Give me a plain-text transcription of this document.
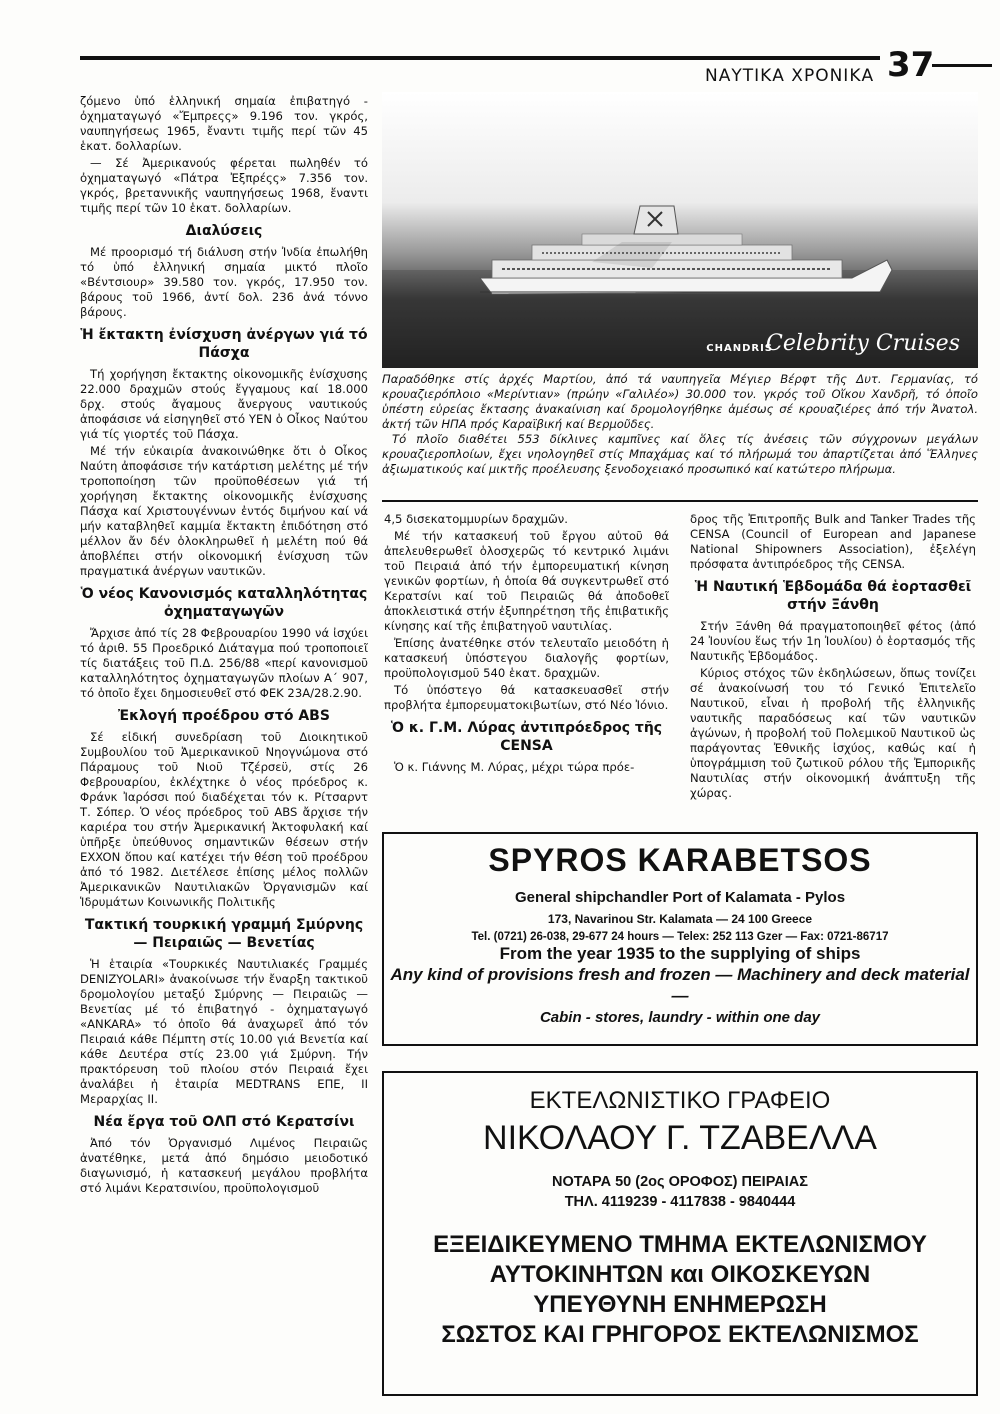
ΝΑΥΤΙΚΑ ΧΡΟΝΙΚΑ 37

ζόμενο ὑπό ἑλληνική σημαία ἐπιβατηγό - ὀχηματαγωγό «Ἔμπρεςς» 9.196 τον. γκρός, ναυπηγήσεως 1965, ἔναντι τιμῆς περί τῶν 45 ἑκατ. δολλαρίων.

— Σέ Ἀμερικανούς φέρεται πωληθέν τό ὀχηματαγωγό «Πάτρα Ἐξπρέςς» 7.356 τον. γκρός, βρεταννικῆς ναυπηγήσεως 1968, ἔναντι τιμῆς περί τῶν 10 ἑκατ. δολλαρίων.

Διαλύσεις

Μέ προορισμό τή διάλυση στήν Ἰνδία ἐπωλήθη τό ὑπό ἑλληνική σημαία μικτό πλοῖο «Βέντσιουρ» 39.580 τον. γκρός, 17.950 τον. βάρους τοῦ 1966, ἀντί δολ. 236 ἀνά τόννο βάρους.

Ἡ ἔκτακτη ἐνίσχυση ἀνέργων γιά τό Πάσχα

Τή χορήγηση ἔκτακτης οἰκονομικῆς ἐνίσχυσης 22.000 δραχμῶν στούς ἔγγαμους καί 18.000 δρχ. στούς ἄγαμους ἄνεργους ναυτικούς ἀποφάσισε νά εἰσηγηθεῖ στό ΥΕΝ ὁ Οἶκος Ναύτου γιά τίς γιορτές τοῦ Πάσχα.

Μέ τήν εὐκαιρία ἀνακοινώθηκε ὅτι ὁ Οἶκος Ναύτη ἀποφάσισε τήν κατάρτιση μελέτης μέ τήν τροποποίηση τῶν προϋποθέσεων γιά τή χορήγηση ἔκτακτης οἰκονομικῆς ἐνίσχυσης Πάσχα καί Χριστουγέννων ἐντός διμήνου καί νά μήν καταβληθεῖ καμμία ἔκτακτη ἐπιδότηση στό μέλλον ἄν δέν ὁλοκληρωθεῖ ἡ μελέτη πού θά ἀποβλέπει στήν οἰκονομική ἐνίσχυση τῶν πραγματικά ἀνέργων ναυτικῶν.

Ὁ νέος Κανονισμός καταλληλότητας ὀχηματαγωγῶν

Ἄρχισε ἀπό τίς 28 Φεβρουαρίου 1990 νά ἰσχύει τό ἀριθ. 55 Προεδρικό Διάταγμα πού τροποποιεῖ τίς διατάξεις τοῦ Π.Δ. 256/88 «περί κανονισμοῦ καταλληλότητος ὀχηματαγωγῶν πλοίων Α΄ 907, τό ὁποῖο ἔχει δημοσιευθεῖ στό ΦΕΚ 23Α/28.2.90.

Ἐκλογή προέδρου στό ABS

Σέ εἰδική συνεδρίαση τοῦ Διοικητικοῦ Συμβουλίου τοῦ Ἀμερικανικοῦ Νηογνώμονα στό Πάραμους τοῦ Νιοῦ Τζέρσεϋ, στίς 26 Φεβρουαρίου, ἐκλέχτηκε ὁ νέος πρόεδρος κ. Φράνκ Ἰαρόσσι πού διαδέχεται τόν κ. Ρίτσαρντ Τ. Σόπερ. Ὁ νέος πρόεδρος τοῦ ABS ἄρχισε τήν καριέρα του στήν Ἀμερικανική Ἀκτοφυλακή καί ὑπῆρξε ὑπεύθυνος σημαντικῶν θέσεων στήν EXXON ὅπου καί κατέχει τήν θέση τοῦ προέδρου ἀπό τό 1982. Διετέλεσε ἐπίσης μέλος πολλῶν Ἀμερικανικῶν Ναυτιλιακῶν Ὀργανισμῶν καί Ἱδρυμάτων Κοινωνικῆς Πολιτικῆς

Τακτική τουρκική γραμμή Σμύρνης — Πειραιῶς — Βενετίας

Ἡ ἑταιρία «Τουρκικές Ναυτιλιακές Γραμμές DENIZYOLARI» ἀνακοίνωσε τήν ἔναρξη τακτικοῦ δρομολογίου μεταξύ Σμύρνης — Πειραιῶς — Βενετίας μέ τό ἐπιβατηγό - ὀχηματαγωγό «ANKARA» τό ὁποῖο θά ἀναχωρεῖ ἀπό τόν Πειραιά κάθε Πέμπτη στίς 10.00 γιά Βενετία καί κάθε Δευτέρα στίς 23.00 γιά Σμύρνη. Τήν πρακτόρευση τοῦ πλοίου στόν Πειραιά ἔχει ἀναλάβει ἡ ἑταιρία MEDTRANS ΕΠΕ, ΙΙ Μεραρχίας ΙΙ.

Νέα ἔργα τοῦ ΟΛΠ στό Κερατσίνι

Ἀπό τόν Ὀργανισμό Λιμένος Πειραιῶς ἀνατέθηκε, μετά ἀπό δημόσιο μειοδοτικό διαγωνισμό, ἡ κατασκευή μεγάλου προβλήτα στό λιμάνι Κερατσινίου, προϋπολογισμοῦ

CHANDRIS
Celebrity Cruises

Παραδόθηκε στίς ἀρχές Μαρτίου, ἀπό τά ναυπηγεῖα Μέγιερ Βέρφτ τῆς Δυτ. Γερμανίας, τό κρουαζιερόπλοιο «Μερίντιαν» (πρώην «Γαλιλέο») 30.000 τον. γκρός τοῦ Οἴκου Χανδρῆ, τό ὁποῖο ὑπέστη εὐρείας ἔκτασης ἀνακαίνιση καί δρομολογήθηκε ἀμέσως σέ κρουαζιέρες ἀπό τήν Ἀνατολ. ἀκτή τῶν ΗΠΑ πρός Καραϊβική καί Βερμοῦδες.

Τό πλοῖο διαθέτει 553 δίκλινες καμπῖνες καί ὅλες τίς ἀνέσεις τῶν σύγχρονων μεγάλων κρουαζιεροπλοίων, ἔχει νηολογηθεῖ στίς Μπαχάμας καί τό πλήρωμά του ἀπαρτίζεται ἀπό Ἕλληνες ἀξιωματικούς καί μικτῆς προέλευσης ξενοδοχειακό προσωπικό καί κατώτερο πλήρωμα.

4,5 δισεκατομμυρίων δραχμῶν.

Μέ τήν κατασκευή τοῦ ἔργου αὐτοῦ θά ἀπελευθερωθεῖ ὁλοσχερῶς τό κεντρικό λιμάνι τοῦ Πειραιά ἀπό τήν ἐμπορευματική κίνηση γενικῶν φορτίων, ἡ ὁποία θά συγκεντρωθεῖ στό Κερατσίνι καί τοῦ Πειραιῶς θά ἀποδοθεῖ ἀποκλειστικά στήν ἐξυπηρέτηση τῆς ἐπιβατικῆς κίνησης καί τῆς ἐπιβατηγοῦ ναυτιλίας.

Ἐπίσης ἀνατέθηκε στόν τελευταῖο μειοδότη ἡ κατασκευή ὑπόστεγου διαλογῆς φορτίων, προϋπολογισμοῦ 540 ἑκατ. δραχμῶν.

Τό ὑπόστεγο θά κατασκευασθεῖ στήν προβλήτα ἐμπορευματοκιβωτίων, στό Νέο Ἰόνιο.

Ὁ κ. Γ.Μ. Λύρας ἀντιπρόεδρος τῆς CENSA

Ὁ κ. Γιάννης Μ. Λύρας, μέχρι τώρα πρόε-

δρος τῆς Ἐπιτροπῆς Bulk and Tanker Trades τῆς CENSA (Council of European and Japanese National Shipowners Association), ἐξελέγη πρόσφατα ἀντιπρόεδρος τῆς CENSA.

Ἡ Ναυτική Ἑβδομάδα θά ἑορτασθεῖ στήν Ξάνθη

Στήν Ξάνθη θά πραγματοποιηθεῖ φέτος (ἀπό 24 Ἰουνίου ἕως τήν 1η Ἰουλίου) ὁ ἑορτασμός τῆς Ναυτικῆς Ἑβδομάδος.

Κύριος στόχος τῶν ἐκδηλώσεων, ὅπως τονίζει σέ ἀνακοίνωσή του τό Γενικό Ἐπιτελεῖο Ναυτικοῦ, εἶναι ἡ προβολή τῆς ἑλληνικῆς ναυτικῆς παραδόσεως καί τῶν ναυτικῶν ἀγώνων, ἡ προβολή τοῦ Πολεμικοῦ Ναυτικοῦ ὡς παράγοντας Ἐθνικῆς ἰσχύος, καθώς καί ἡ ὑπογράμμιση τοῦ ζωτικοῦ ρόλου τῆς Ἐμπορικῆς Ναυτιλίας στήν οἰκονομική ἀνάπτυξη τῆς χώρας.

SPYROS KARABETSOS
General shipchandler Port of Kalamata - Pylos
173, Navarinou Str. Kalamata — 24 100 Greece
Tel. (0721) 26-038, 29-677 24 hours — Telex: 252 113 Gzer — Fax: 0721-86717
From the year 1935 to the supplying of ships
Any kind of provisions fresh and frozen — Machinery and deck material —
Cabin - stores, laundry - within one day
ΕΚΤΕΛΩΝΙΣΤΙΚΟ ΓΡΑΦΕΙΟ
ΝΙΚΟΛΑΟΥ Γ. ΤΖΑΒΕΛΛΑ
ΝΟΤΑΡΑ 50 (2ος ΟΡΟΦΟΣ) ΠΕΙΡΑΙΑΣ
ΤΗΛ. 4119239 - 4117838 - 9840444
ΕΞΕΙΔΙΚΕΥΜΕΝΟ ΤΜΗΜΑ ΕΚΤΕΛΩΝΙΣΜΟΥ
ΑΥΤΟΚΙΝΗΤΩΝ και ΟΙΚΟΣΚΕΥΩΝ
ΥΠΕΥΘΥΝΗ ΕΝΗΜΕΡΩΣΗ
ΣΩΣΤΟΣ ΚΑΙ ΓΡΗΓΟΡΟΣ ΕΚΤΕΛΩΝΙΣΜΟΣ
